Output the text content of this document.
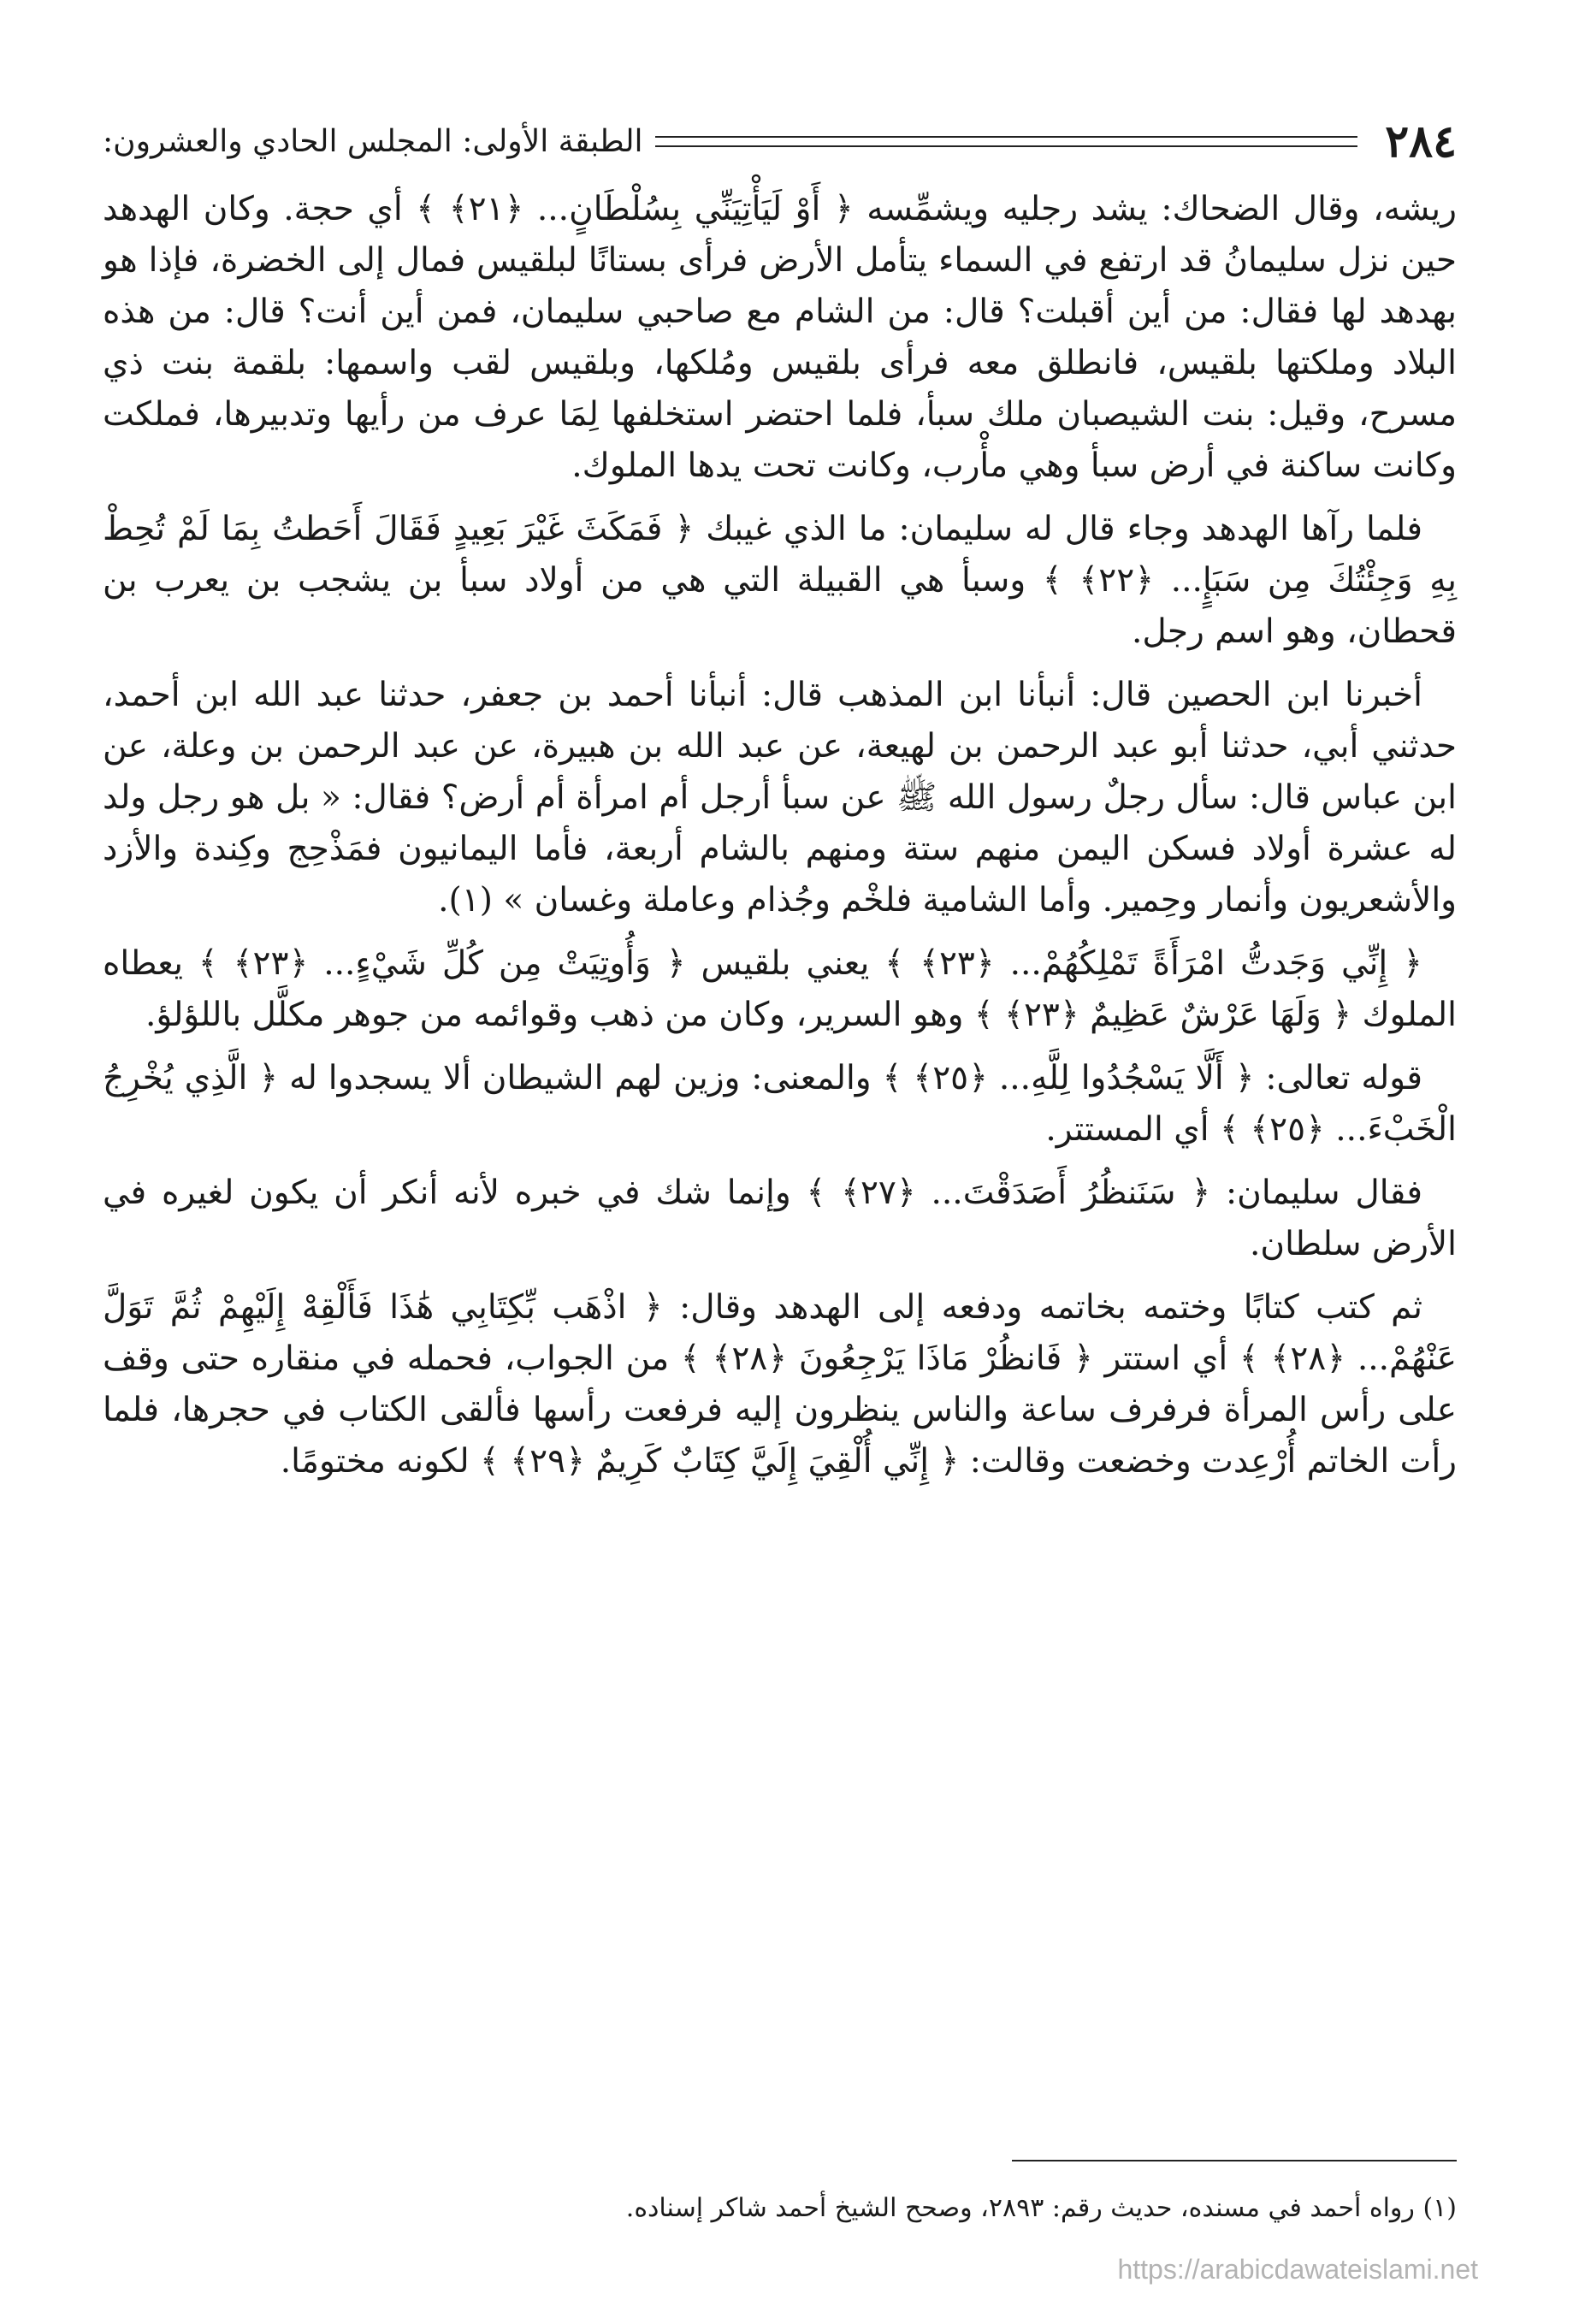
٢٨٤
الطبقة الأولى: المجلس الحادي والعشرون:

ريشه، وقال الضحاك: يشد رجليه ويشمِّسه ﴿ أَوْ لَيَأْتِيَنِّي بِسُلْطَانٍ... ﴿٢١﴾ ﴾ أي حجة. وكان الهدهد حين نزل سليمانُ قد ارتفع في السماء يتأمل الأرض فرأى بستانًا لبلقيس فمال إلى الخضرة، فإذا هو بهدهد لها فقال: من أين أقبلت؟ قال: من الشام مع صاحبي سليمان، فمن أين أنت؟ قال: من هذه البلاد وملكتها بلقيس، فانطلق معه فرأى بلقيس ومُلكها، وبلقيس لقب واسمها: بلقمة بنت ذي مسرح، وقيل: بنت الشيصبان ملك سبأ، فلما احتضر استخلفها لِمَا عرف من رأيها وتدبيرها، فملكت وكانت ساكنة في أرض سبأ وهي مأْرب، وكانت تحت يدها الملوك.

فلما رآها الهدهد وجاء قال له سليمان: ما الذي غيبك ﴿ فَمَكَثَ غَيْرَ بَعِيدٍ فَقَالَ أَحَطتُ بِمَا لَمْ تُحِطْ بِهِ وَجِئْتُكَ مِن سَبَإٍ... ﴿٢٢﴾ ﴾ وسبأ هي القبيلة التي هي من أولاد سبأ بن يشجب بن يعرب بن قحطان، وهو اسم رجل.

أخبرنا ابن الحصين قال: أنبأنا ابن المذهب قال: أنبأنا أحمد بن جعفر، حدثنا عبد الله ابن أحمد، حدثني أبي، حدثنا أبو عبد الرحمن بن لهيعة، عن عبد الله بن هبيرة، عن عبد الرحمن بن وعلة، عن ابن عباس قال: سأل رجلٌ رسول الله ﷺ عن سبأ أرجل أم امرأة أم أرض؟ فقال: « بل هو رجل ولد له عشرة أولاد فسكن اليمن منهم ستة ومنهم بالشام أربعة، فأما اليمانيون فمَذْحِج وكِندة والأزد والأشعريون وأنمار وحِمير. وأما الشامية فلخْم وجُذام وعاملة وغسان » (١).

﴿ إِنِّي وَجَدتُّ امْرَأَةً تَمْلِكُهُمْ... ﴿٢٣﴾ ﴾ يعني بلقيس ﴿ وَأُوتِيَتْ مِن كُلِّ شَيْءٍ... ﴿٢٣﴾ ﴾ يعطاه الملوك ﴿ وَلَهَا عَرْشٌ عَظِيمٌ ﴿٢٣﴾ ﴾ وهو السرير، وكان من ذهب وقوائمه من جوهر مكلَّل باللؤلؤ.

قوله تعالى: ﴿ أَلَّا يَسْجُدُوا لِلَّهِ... ﴿٢٥﴾ ﴾ والمعنى: وزين لهم الشيطان ألا يسجدوا له ﴿ الَّذِي يُخْرِجُ الْخَبْءَ... ﴿٢٥﴾ ﴾ أي المستتر.

فقال سليمان: ﴿ سَنَنظُرُ أَصَدَقْتَ... ﴿٢٧﴾ ﴾ وإنما شك في خبره لأنه أنكر أن يكون لغيره في الأرض سلطان.

ثم كتب كتابًا وختمه بخاتمه ودفعه إلى الهدهد وقال: ﴿ اذْهَب بِّكِتَابِي هَٰذَا فَأَلْقِهْ إِلَيْهِمْ ثُمَّ تَوَلَّ عَنْهُمْ... ﴿٢٨﴾ ﴾ أي استتر ﴿ فَانظُرْ مَاذَا يَرْجِعُونَ ﴿٢٨﴾ ﴾ من الجواب، فحمله في منقاره حتى وقف على رأس المرأة فرفرف ساعة والناس ينظرون إليه فرفعت رأسها فألقى الكتاب في حجرها، فلما رأت الخاتم أُرْعِدت وخضعت وقالت: ﴿ إِنِّي أُلْقِيَ إِلَيَّ كِتَابٌ كَرِيمٌ ﴿٢٩﴾ ﴾ لكونه مختومًا.

(١) رواه أحمد في مسنده، حديث رقم: ٢٨٩٣، وصحح الشيخ أحمد شاكر إسناده.
https://arabicdawateislami.net
